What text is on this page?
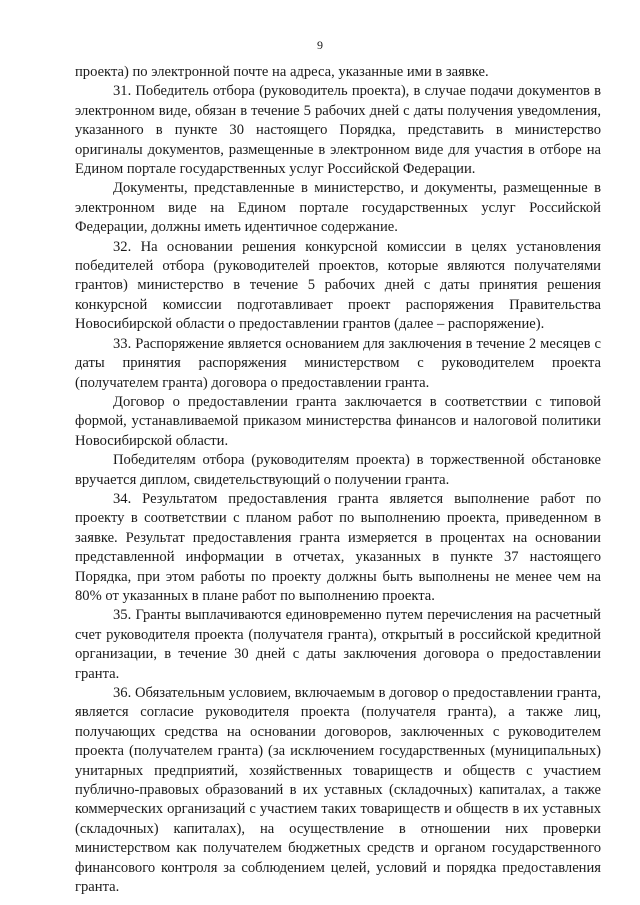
9

проекта) по электронной почте на адреса, указанные ими в заявке.

31. Победитель отбора (руководитель проекта), в случае подачи документов в электронном виде, обязан в течение 5 рабочих дней с даты получения уведомления, указанного в пункте 30 настоящего Порядка, представить в министерство оригиналы документов, размещенные в электронном виде для участия в отборе на Едином портале государственных услуг Российской Федерации.

Документы, представленные в министерство, и документы, размещенные в электронном виде на Едином портале государственных услуг Российской Федерации, должны иметь идентичное содержание.

32. На основании решения конкурсной комиссии в целях установления победителей отбора (руководителей проектов, которые являются получателями грантов) министерство в течение 5 рабочих дней с даты принятия решения конкурсной комиссии подготавливает проект распоряжения Правительства Новосибирской области о предоставлении грантов (далее – распоряжение).

33. Распоряжение является основанием для заключения в течение 2 месяцев с даты принятия распоряжения министерством с руководителем проекта (получателем гранта) договора о предоставлении гранта.

Договор о предоставлении гранта заключается в соответствии с типовой формой, устанавливаемой приказом министерства финансов и налоговой политики Новосибирской области.

Победителям отбора (руководителям проекта) в торжественной обстановке вручается диплом, свидетельствующий о получении гранта.

34. Результатом предоставления гранта является выполнение работ по проекту в соответствии с планом работ по выполнению проекта, приведенном в заявке. Результат предоставления гранта измеряется в процентах на основании представленной информации в отчетах, указанных в пункте 37 настоящего Порядка, при этом работы по проекту должны быть выполнены не менее чем на 80% от указанных в плане работ по выполнению проекта.

35. Гранты выплачиваются единовременно путем перечисления на расчетный счет руководителя проекта (получателя гранта), открытый в российской кредитной организации, в течение 30 дней с даты заключения договора о предоставлении гранта.

36. Обязательным условием, включаемым в договор о предоставлении гранта, является согласие руководителя проекта (получателя гранта), а также лиц, получающих средства на основании договоров, заключенных с руководителем проекта (получателем гранта) (за исключением государственных (муниципальных) унитарных предприятий, хозяйственных товариществ и обществ с участием публично-правовых образований в их уставных (складочных) капиталах, а также коммерческих организаций с участием таких товариществ и обществ в их уставных (складочных) капиталах), на осуществление в отношении них проверки министерством как получателем бюджетных средств и органом государственного финансового контроля за соблюдением целей, условий и порядка предоставления гранта.
